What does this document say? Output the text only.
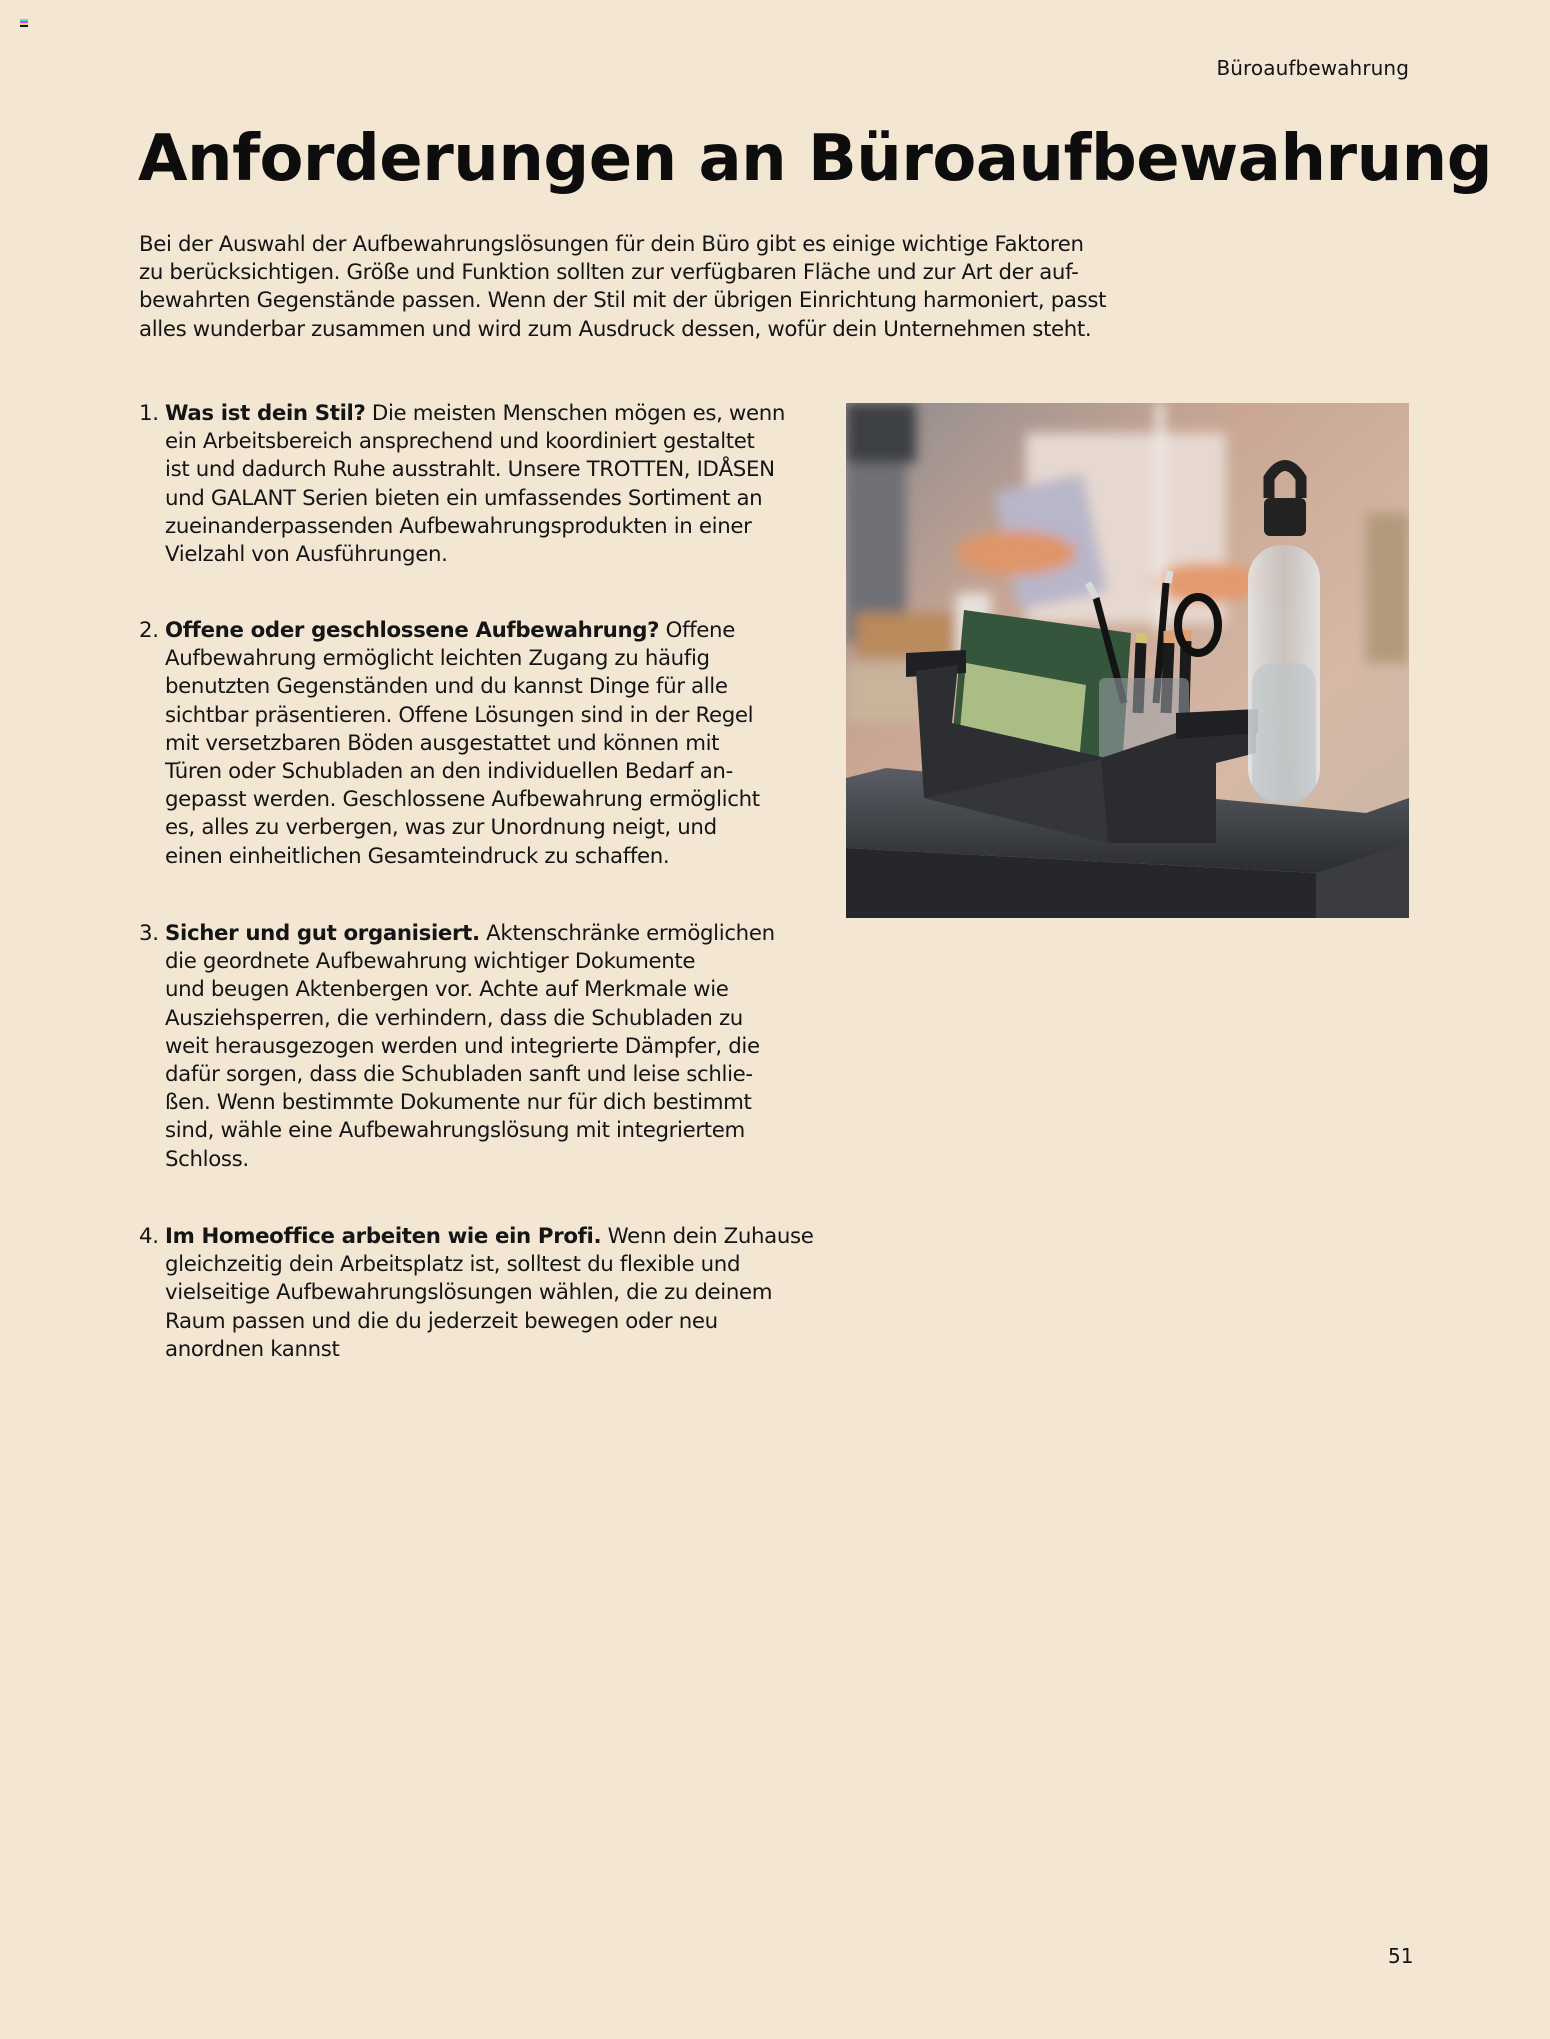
Büroaufbewahrung
Anforderungen an Büroaufbewahrung

Bei der Auswahl der Aufbewahrungslösungen für dein Büro gibt es einige wichtige Faktoren
zu berücksichtigen. Größe und Funktion sollten zur verfügbaren Fläche und zur Art der auf-
bewahrten Gegenstände passen. Wenn der Stil mit der übrigen Einrichtung harmoniert, passt
alles wunderbar zusammen und wird zum Ausdruck dessen, wofür dein Unternehmen steht.

1. Was ist dein Stil? Die meisten Menschen mögen es, wenn
ein Arbeitsbereich ansprechend und koordiniert gestaltet
ist und dadurch Ruhe ausstrahlt. Unsere TROTTEN, IDÅSEN
und GALANT Serien bieten ein umfassendes Sortiment an
zueinanderpassenden Aufbewahrungsprodukten in einer
Vielzahl von Ausführungen.
2. Offene oder geschlossene Aufbewahrung? Offene
Aufbewahrung ermöglicht leichten Zugang zu häufig
benutzten Gegenständen und du kannst Dinge für alle
sichtbar präsentieren. Offene Lösungen sind in der Regel
mit versetzbaren Böden ausgestattet und können mit
Türen oder Schubladen an den individuellen Bedarf an-
gepasst werden. Geschlossene Aufbewahrung ermöglicht
es, alles zu verbergen, was zur Unordnung neigt, und
einen einheitlichen Gesamteindruck zu schaffen.
3. Sicher und gut organisiert. Aktenschränke ermöglichen
die geordnete Aufbewahrung wichtiger Dokumente
und beugen Aktenbergen vor. Achte auf Merkmale wie
Ausziehsperren, die verhindern, dass die Schubladen zu
weit herausgezogen werden und integrierte Dämpfer, die
dafür sorgen, dass die Schubladen sanft und leise schlie-
ßen. Wenn bestimmte Dokumente nur für dich bestimmt
sind, wähle eine Aufbewahrungslösung mit integriertem
Schloss.
4. Im Homeoffice arbeiten wie ein Profi. Wenn dein Zuhause
gleichzeitig dein Arbeitsplatz ist, solltest du flexible und
vielseitige Aufbewahrungslösungen wählen, die zu deinem
Raum passen und die du jederzeit bewegen oder neu
anordnen kannst
51
